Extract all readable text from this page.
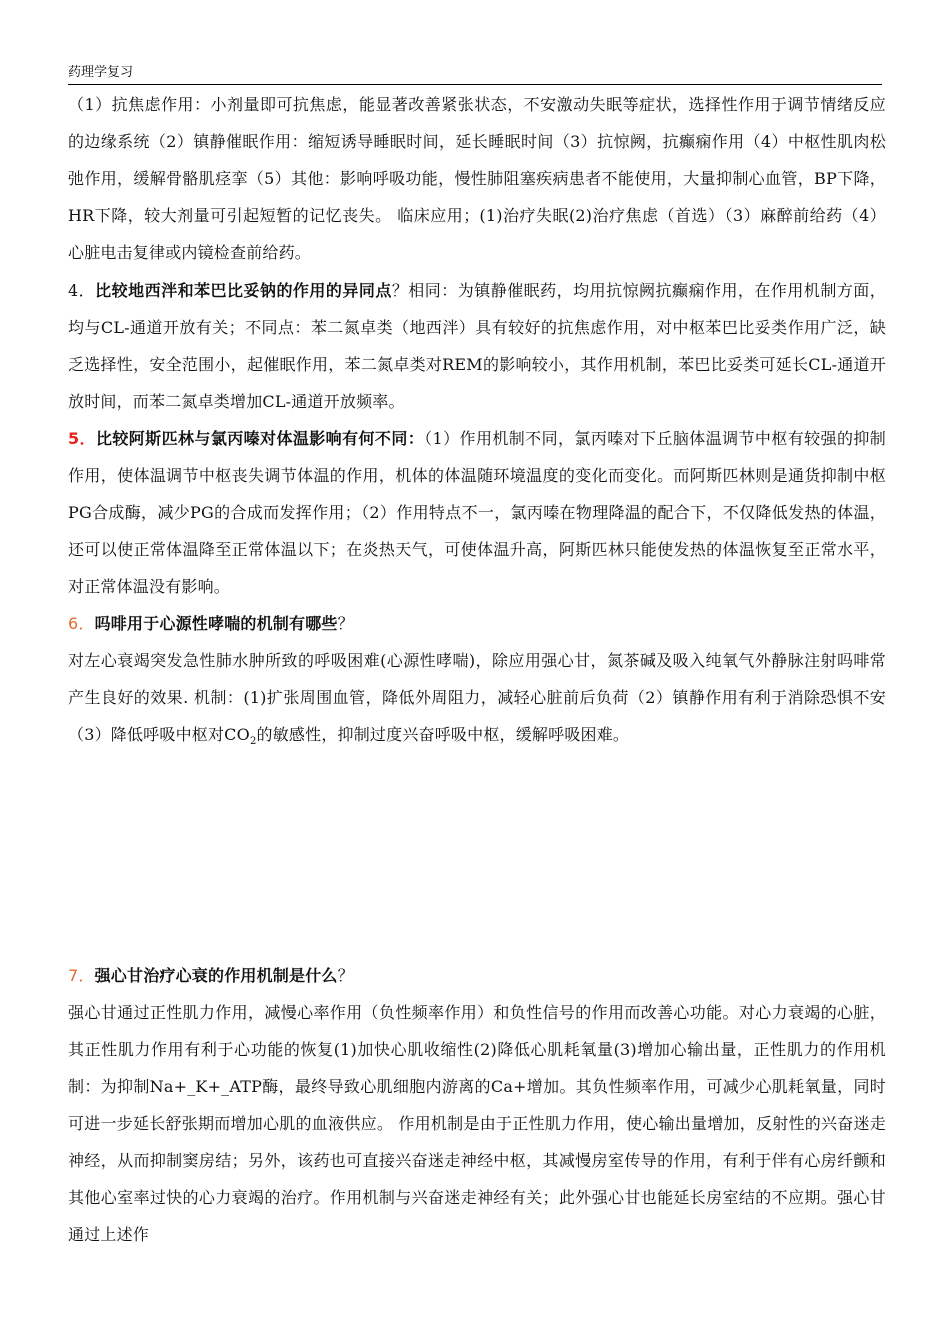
药理学复习
（1）抗焦虑作用：小剂量即可抗焦虑，能显著改善紧张状态，不安激动失眠等症状，选择性作用于调节情绪反应的边缘系统（2）镇静催眠作用：缩短诱导睡眠时间，延长睡眠时间（3）抗惊阙，抗癫痫作用（4）中枢性肌肉松弛作用，缓解骨骼肌痉挛（5）其他：影响呼吸功能，慢性肺阻塞疾病患者不能使用，大量抑制心血管，BP下降，HR下降，较大剂量可引起短暂的记忆丧失。 临床应用；(1)治疗失眠(2)治疗焦虑（首选）（3）麻醉前给药（4）心脏电击复律或内镜检查前给药。
4．比较地西泮和苯巴比妥钠的作用的异同点？相同：为镇静催眠药，均用抗惊阙抗癫痫作用，在作用机制方面，均与CL-通道开放有关；不同点：苯二氮卓类（地西泮）具有较好的抗焦虑作用，对中枢苯巴比妥类作用广泛，缺乏选择性，安全范围小，起催眠作用，苯二氮卓类对REM的影响较小，其作用机制，苯巴比妥类可延长CL-通道开放时间，而苯二氮卓类增加CL-通道开放频率。
5．比较阿斯匹林与氯丙嗪对体温影响有何不同：（1）作用机制不同，氯丙嗪对下丘脑体温调节中枢有较强的抑制作用，使体温调节中枢丧失调节体温的作用，机体的体温随环境温度的变化而变化。而阿斯匹林则是通货抑制中枢PG合成酶，减少PG的合成而发挥作用；（2）作用特点不一，氯丙嗪在物理降温的配合下，不仅降低发热的体温，还可以使正常体温降至正常体温以下；在炎热天气，可使体温升高，阿斯匹林只能使发热的体温恢复至正常水平，对正常体温没有影响。
6．吗啡用于心源性哮喘的机制有哪些？
对左心衰竭突发急性肺水肿所致的呼吸困难(心源性哮喘)，除应用强心甘，氮茶碱及吸入纯氧气外静脉注射吗啡常产生良好的效果. 机制：(1)扩张周围血管，降低外周阻力，减轻心脏前后负荷（2）镇静作用有利于消除恐惧不安（3）降低呼吸中枢对$CO_2$的敏感性，抑制过度兴奋呼吸中枢，缓解呼吸困难。
7．强心甘治疗心衰的作用机制是什么？
强心甘通过正性肌力作用，减慢心率作用（负性频率作用）和负性信号的作用而改善心功能。对心力衰竭的心脏，其正性肌力作用有利于心功能的恢复(1)加快心肌收缩性(2)降低心肌耗氧量(3)增加心输出量，正性肌力的作用机制：为抑制Na+_K+_ATP酶，最终导致心肌细胞内游离的Ca+增加。其负性频率作用，可减少心肌耗氧量，同时可进一步延长舒张期而增加心肌的血液供应。 作用机制是由于正性肌力作用，使心输出量增加，反射性的兴奋迷走神经，从而抑制窦房结；另外，该药也可直接兴奋迷走神经中枢，其减慢房室传导的作用，有利于伴有心房纤颤和其他心室率过快的心力衰竭的治疗。作用机制与兴奋迷走神经有关；此外强心甘也能延长房室结的不应期。强心甘通过上述作
